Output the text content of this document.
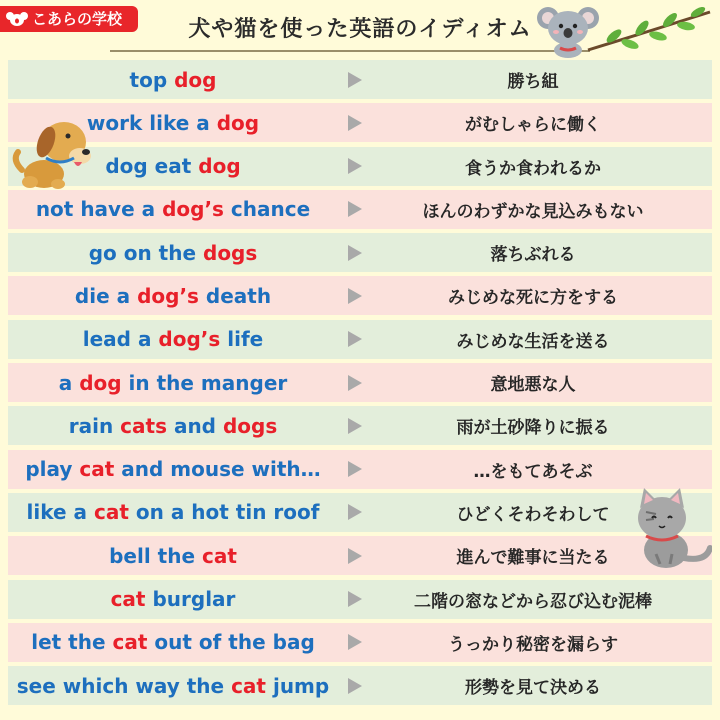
こあらの学校	犬や猫を使った英語のイディオム
top dog	勝ち組
work like a dog	がむしゃらに働く
dog eat dog	食うか食われるか
not have a dog’s chance	ほんのわずかな見込みもない
go on the dogs	落ちぶれる
die a dog’s death	みじめな死に方をする
lead a dog’s life	みじめな生活を送る
a dog in the manger	意地悪な人
rain cats and dogs	雨が土砂降りに振る
play cat and mouse with…	…をもてあそぶ
like a cat on a hot tin roof	ひどくそわそわして
bell the cat	進んで難事に当たる
cat burglar	二階の窓などから忍び込む泥棒
let the cat out of the bag	うっかり秘密を漏らす
see which way the cat jump	形勢を見て決める
